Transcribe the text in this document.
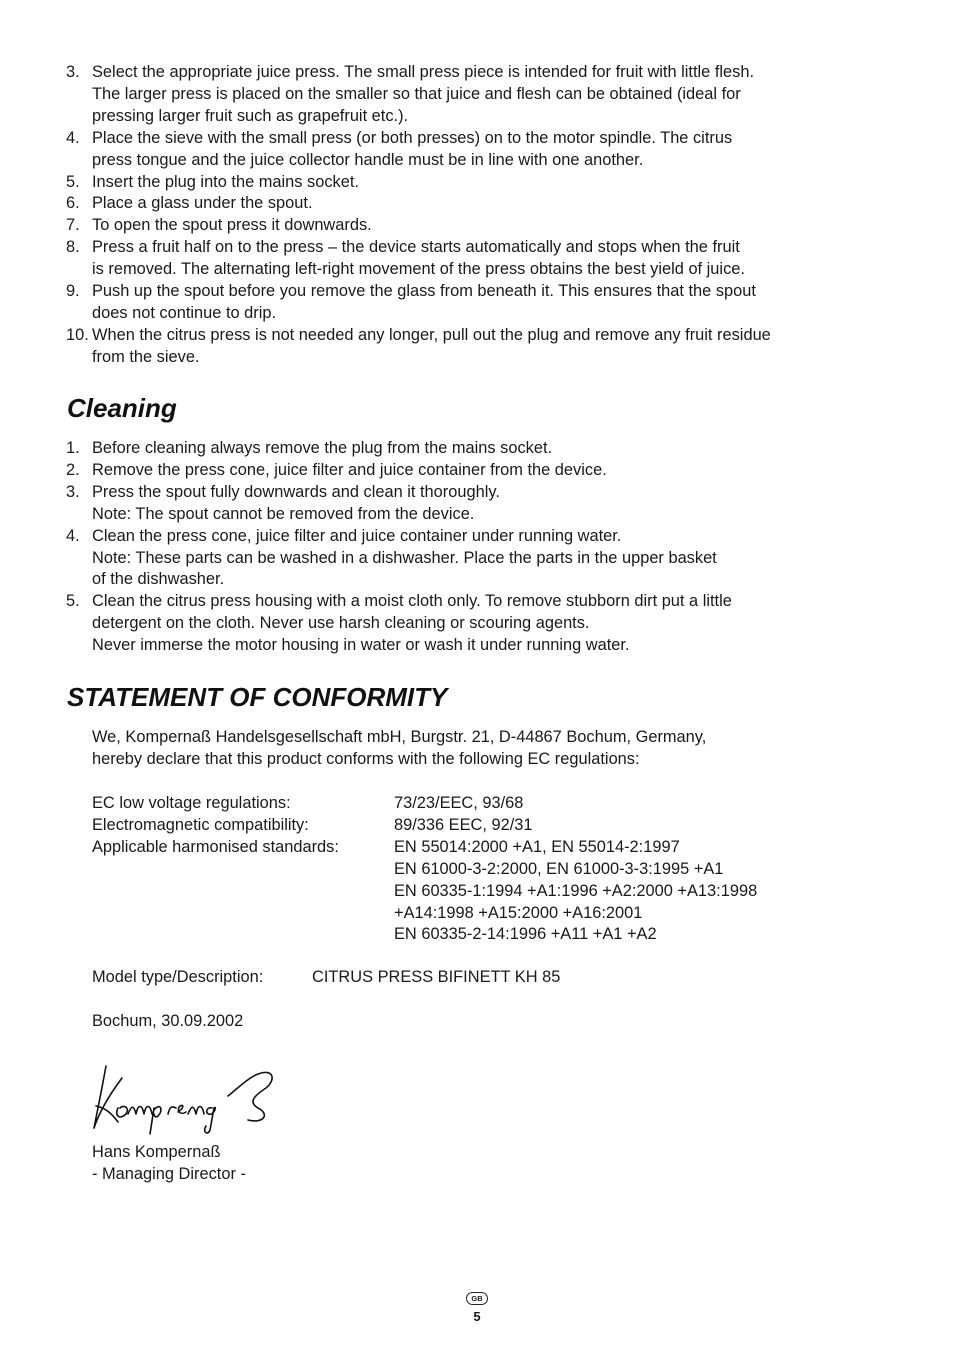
3. Select the appropriate juice press. The small press piece is intended for fruit with little flesh.
The larger press is placed on the smaller so that juice and flesh can be obtained (ideal for
pressing larger fruit such as grapefruit etc.).
4. Place the sieve with the small press (or both presses) on to the motor spindle. The citrus
press tongue and the juice collector handle must be in line with one another.
5. Insert the plug into the mains socket.
6. Place a glass under the spout.
7. To open the spout press it downwards.
8. Press a fruit half on to the press – the device starts automatically and stops when the fruit
is removed. The alternating left-right movement of the press obtains the best yield of juice.
9. Push up the spout before you remove the glass from beneath it. This ensures that the spout
does not continue to drip.
10. When the citrus press is not needed any longer, pull out the plug and remove any fruit residue
from the sieve.
Cleaning
1. Before cleaning always remove the plug from the mains socket.
2. Remove the press cone, juice filter and juice container from the device.
3. Press the spout fully downwards and clean it thoroughly.
Note: The spout cannot be removed from the device.
4. Clean the press cone, juice filter and juice container under running water.
Note: These parts can be washed in a dishwasher. Place the parts in the upper basket
of the dishwasher.
5. Clean the citrus press housing with a moist cloth only. To remove stubborn dirt put a little
detergent on the cloth. Never use harsh cleaning or scouring agents.
Never immerse the motor housing in water or wash it under running water.
STATEMENT OF CONFORMITY
We, Kompernaß Handelsgesellschaft mbH, Burgstr. 21, D-44867 Bochum, Germany,
hereby declare that this product conforms with the following EC regulations:
EC low voltage regulations:	73/23/EEC, 93/68
Electromagnetic compatibility:	89/336 EEC, 92/31
Applicable harmonised standards:	EN 55014:2000 +A1, EN 55014-2:1997
EN 61000-3-2:2000, EN 61000-3-3:1995 +A1
EN 60335-1:1994 +A1:1996 +A2:2000 +A13:1998
+A14:1998 +A15:2000 +A16:2001
EN 60335-2-14:1996 +A11 +A1 +A2
Model type/Description:	CITRUS PRESS BIFINETT KH 85
Bochum, 30.09.2002
Hans Kompernaß
- Managing Director -
GB
5
